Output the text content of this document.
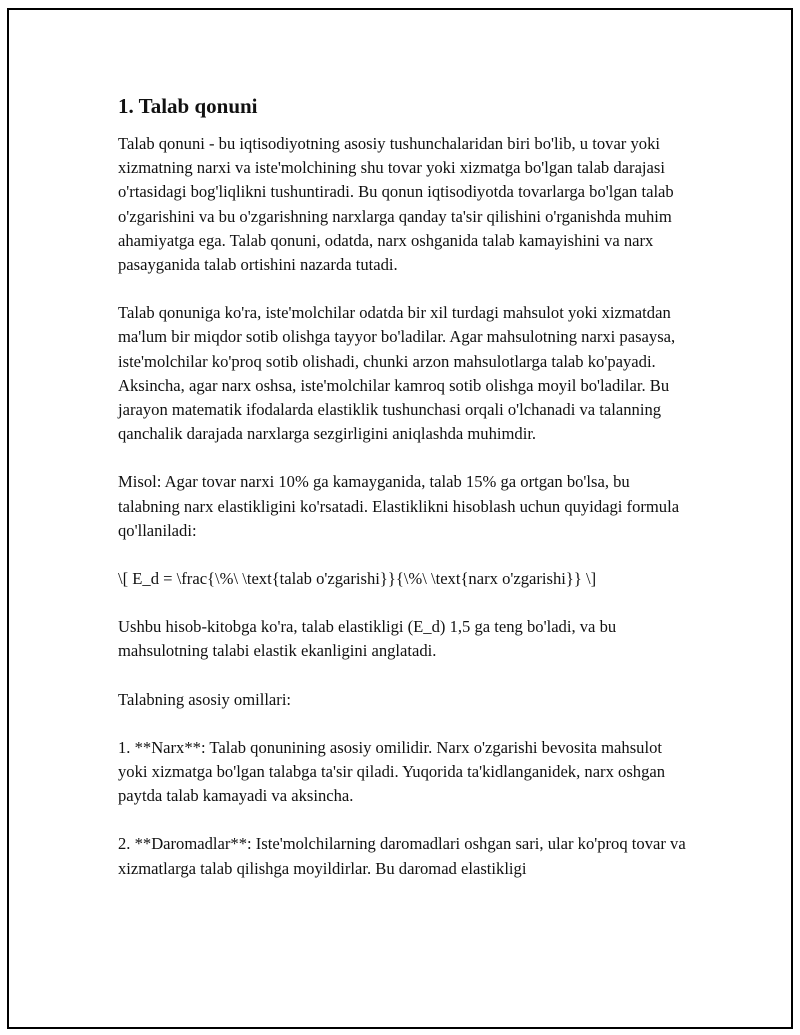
1. Talab qonuni

Talab qonuni - bu iqtisodiyotning asosiy tushunchalaridan biri bo'lib, u tovar yoki xizmatning narxi va iste'molchining shu tovar yoki xizmatga bo'lgan talab darajasi o'rtasidagi bog'liqlikni tushuntiradi. Bu qonun iqtisodiyotda tovarlarga bo'lgan talab o'zgarishini va bu o'zgarishning narxlarga qanday ta'sir qilishini o'rganishda muhim ahamiyatga ega. Talab qonuni, odatda, narx oshganida talab kamayishini va narx pasayganida talab ortishini nazarda tutadi.

Talab qonuniga ko'ra, iste'molchilar odatda bir xil turdagi mahsulot yoki xizmatdan ma'lum bir miqdor sotib olishga tayyor bo'ladilar. Agar mahsulotning narxi pasaysa, iste'molchilar ko'proq sotib olishadi, chunki arzon mahsulotlarga talab ko'payadi. Aksincha, agar narx oshsa, iste'molchilar kamroq sotib olishga moyil bo'ladilar. Bu jarayon matematik ifodalarda elastiklik tushunchasi orqali o'lchanadi va talanning qanchalik darajada narxlarga sezgirligini aniqlashda muhimdir.

Misol: Agar tovar narxi 10% ga kamayganida, talab 15% ga ortgan bo'lsa, bu talabning narx elastikligini ko'rsatadi. Elastiklikni hisoblash uchun quyidagi formula qo'llaniladi:

\[ E_d = \frac{\%\ \text{talab o'zgarishi}}{\%\ \text{narx o'zgarishi}} \]

Ushbu hisob-kitobga ko'ra, talab elastikligi (E_d) 1,5 ga teng bo'ladi, va bu mahsulotning talabi elastik ekanligini anglatadi.

Talabning asosiy omillari:

1. **Narx**: Talab qonunining asosiy omilidir. Narx o'zgarishi bevosita mahsulot yoki xizmatga bo'lgan talabga ta'sir qiladi. Yuqorida ta'kidlanganidek, narx oshgan paytda talab kamayadi va aksincha.

2. **Daromadlar**: Iste'molchilarning daromadlari oshgan sari, ular ko'proq tovar va xizmatlarga talab qilishga moyildirlar. Bu daromad elastikligi
